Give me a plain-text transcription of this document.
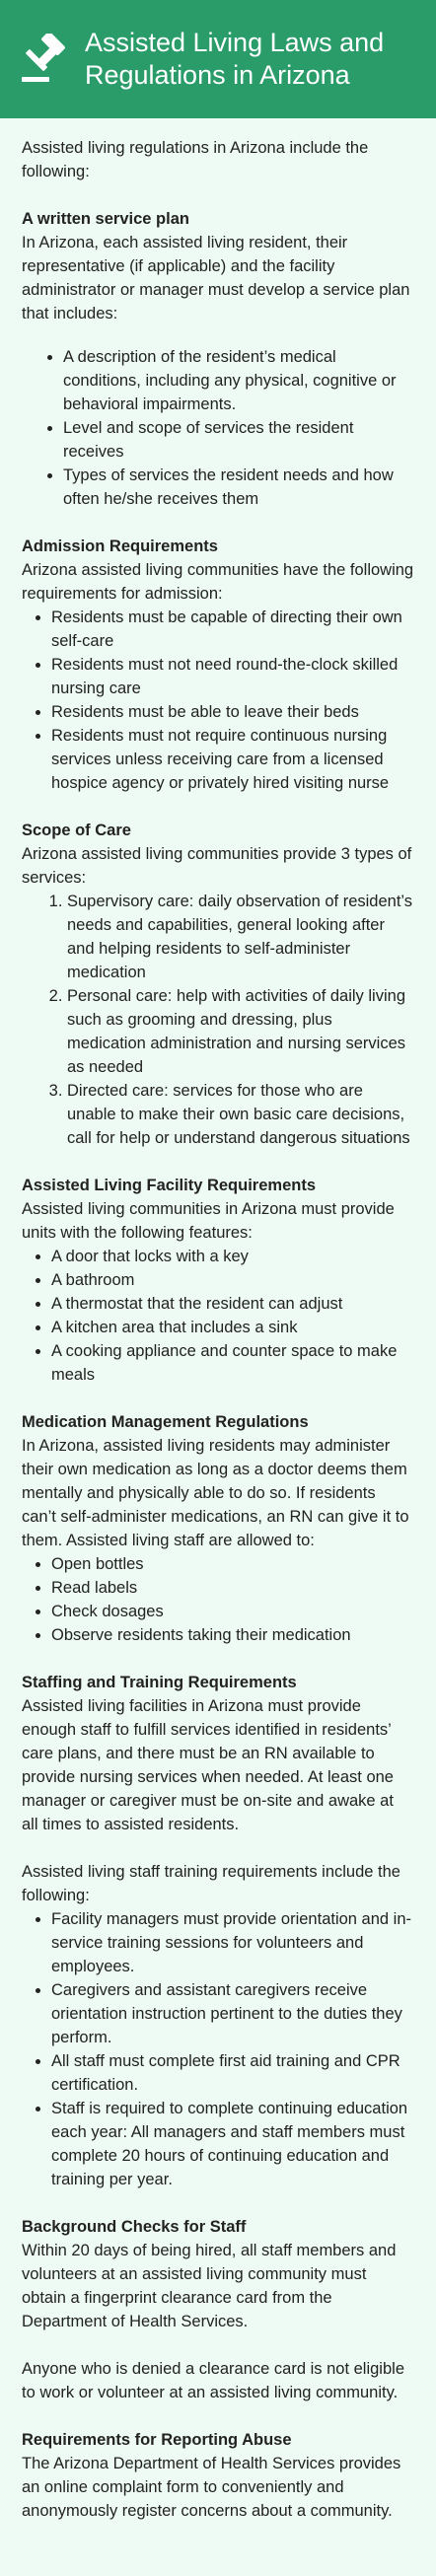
Assisted Living Laws and Regulations in Arizona

Assisted living regulations in Arizona include the following:

A written service plan

In Arizona, each assisted living resident, their representative (if applicable) and the facility administrator or manager must develop a service plan that includes:

• A description of the resident’s medical conditions, including any physical, cognitive or behavioral impairments.
• Level and scope of services the resident receives
• Types of services the resident needs and how often he/she receives them

Admission Requirements

Arizona assisted living communities have the following requirements for admission:

• Residents must be capable of directing their own self-care
• Residents must not need round-the-clock skilled nursing care
• Residents must be able to leave their beds
• Residents must not require continuous nursing services unless receiving care from a licensed hospice agency or privately hired visiting nurse

Scope of Care

Arizona assisted living communities provide 3 types of services:

1. Supervisory care: daily observation of resident’s needs and capabilities, general looking after and helping residents to self-administer medication
2. Personal care: help with activities of daily living such as grooming and dressing, plus medication administration and nursing services as needed
3. Directed care: services for those who are unable to make their own basic care decisions, call for help or understand dangerous situations

Assisted Living Facility Requirements

Assisted living communities in Arizona must provide units with the following features:

• A door that locks with a key
• A bathroom
• A thermostat that the resident can adjust
• A kitchen area that includes a sink
• A cooking appliance and counter space to make meals

Medication Management Regulations

In Arizona, assisted living residents may administer their own medication as long as a doctor deems them mentally and physically able to do so. If residents can’t self-administer medications, an RN can give it to them. Assisted living staff are allowed to:

• Open bottles
• Read labels
• Check dosages
• Observe residents taking their medication

Staffing and Training Requirements

Assisted living facilities in Arizona must provide enough staff to fulfill services identified in residents’ care plans, and there must be an RN available to provide nursing services when needed. At least one manager or caregiver must be on-site and awake at all times to assisted residents.

Assisted living staff training requirements include the following:

• Facility managers must provide orientation and in-service training sessions for volunteers and employees.
• Caregivers and assistant caregivers receive orientation instruction pertinent to the duties they perform.
• All staff must complete first aid training and CPR certification.
• Staff is required to complete continuing education each year: All managers and staff members must complete 20 hours of continuing education and training per year.

Background Checks for Staff

Within 20 days of being hired, all staff members and volunteers at an assisted living community must obtain a fingerprint clearance card from the Department of Health Services.

Anyone who is denied a clearance card is not eligible to work or volunteer at an assisted living community.

Requirements for Reporting Abuse

The Arizona Department of Health Services provides an online complaint form to conveniently and anonymously register concerns about a community.
